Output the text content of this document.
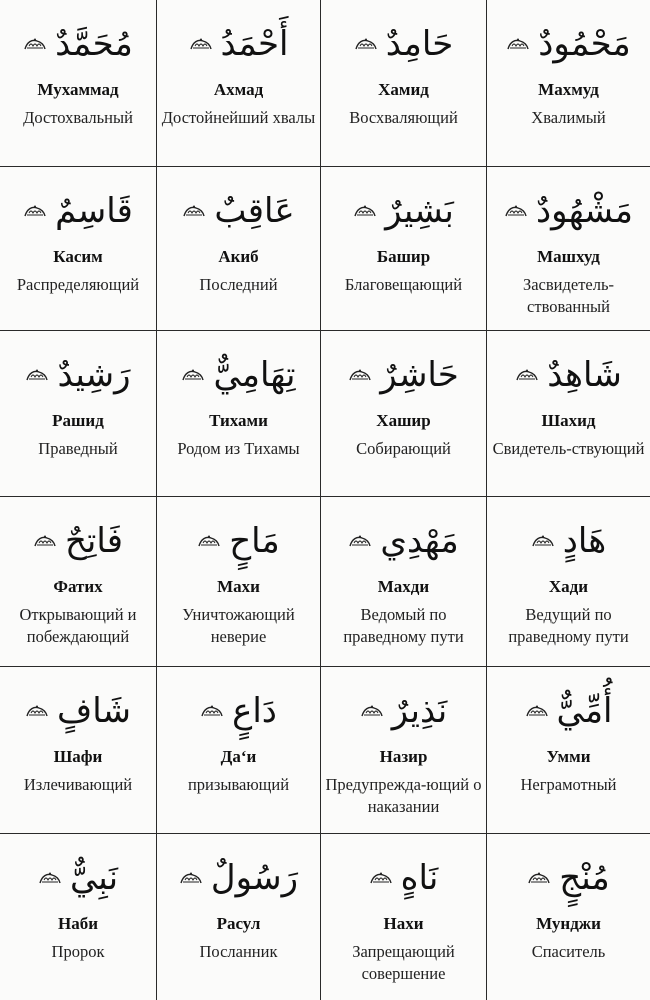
مُحَمَّدٌ
Мухаммад
Достохвальный
أَحْمَدُ
Ахмад
Достойнейший хвалы
حَامِدٌ
Хамид
Восхваляющий
مَحْمُودٌ
Махмуд
Хвалимый
قَاسِمٌ
Касим
Распределяющий
عَاقِبٌ
Акиб
Последний
بَشِيرٌ
Башир
Благовещающий
مَشْهُودٌ
Машхуд
Засвидетель-ствованный
رَشِيدٌ
Рашид
Праведный
تِهَامِيٌّ
Тихами
Родом из Тихамы
حَاشِرٌ
Хашир
Собирающий
شَاهِدٌ
Шахид
Свидетель-ствующий
فَاتِحٌ
Фатих
Открывающий и побеждающий
مَاحٍ
Махи
Уничтожающий неверие
مَهْدِي
Махди
Ведомый по праведному пути
هَادٍ
Хади
Ведущий по праведному пути
شَافٍ
Шафи
Излечивающий
دَاعٍ
Даʻи
призывающий
نَذِيرٌ
Назир
Предупрежда-ющий о наказании
أُمِّيٌّ
Умми
Неграмотный
نَبِيٌّ
Наби
Пророк
رَسُولٌ
Расул
Посланник
نَاهٍ
Нахи
Запрещающий совершение
مُنْجٍ
Мунджи
Спаситель
